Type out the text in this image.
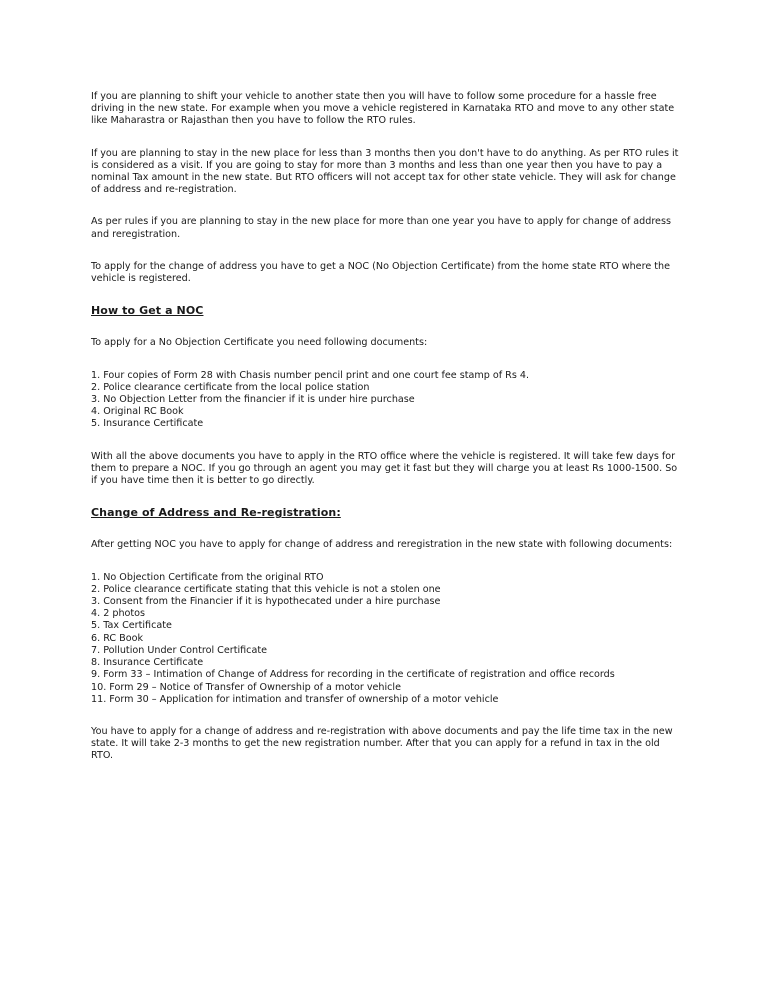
If you are planning to shift your vehicle to another state then you will have to follow some procedure for a hassle free driving in the new state. For example when you move a vehicle registered in Karnataka RTO and move to any other state like Maharastra or Rajasthan then you have to follow the RTO rules.

If you are planning to stay in the new place for less than 3 months then you don't have to do anything. As per RTO rules it is considered as a visit. If you are going to stay for more than 3 months and less than one year then you have to pay a nominal Tax amount in the new state. But RTO officers will not accept tax for other state vehicle. They will ask for change of address and re-registration.

As per rules if you are planning to stay in the new place for more than one year you have to apply for change of address and reregistration.

To apply for the change of address you have to get a NOC (No Objection Certificate) from the home state RTO where the vehicle is registered.

How to Get a NOC

To apply for a No Objection Certificate you need following documents:

1. Four copies of Form 28 with Chasis number pencil print and one court fee stamp of Rs 4.
2. Police clearance certificate from the local police station
3. No Objection Letter from the financier if it is under hire purchase
4. Original RC Book
5. Insurance Certificate

With all the above documents you have to apply in the RTO office where the vehicle is registered. It will take few days for them to prepare a NOC. If you go through an agent you may get it fast but they will charge you at least Rs 1000-1500. So if you have time then it is better to go directly.

Change of Address and Re-registration:

After getting NOC you have to apply for change of address and reregistration in the new state with following documents:

1. No Objection Certificate from the original RTO
2. Police clearance certificate stating that this vehicle is not a stolen one
3. Consent from the Financier if it is hypothecated under a hire purchase
4. 2 photos
5. Tax Certificate
6. RC Book
7. Pollution Under Control Certificate
8. Insurance Certificate
9. Form 33 – Intimation of Change of Address for recording in the certificate of registration and office records
10. Form 29 – Notice of Transfer of Ownership of a motor vehicle
11. Form 30 – Application for intimation and transfer of ownership of a motor vehicle

You have to apply for a change of address and re-registration with above documents and pay the life time tax in the new state. It will take 2-3 months to get the new registration number. After that you can apply for a refund in tax in the old RTO.
